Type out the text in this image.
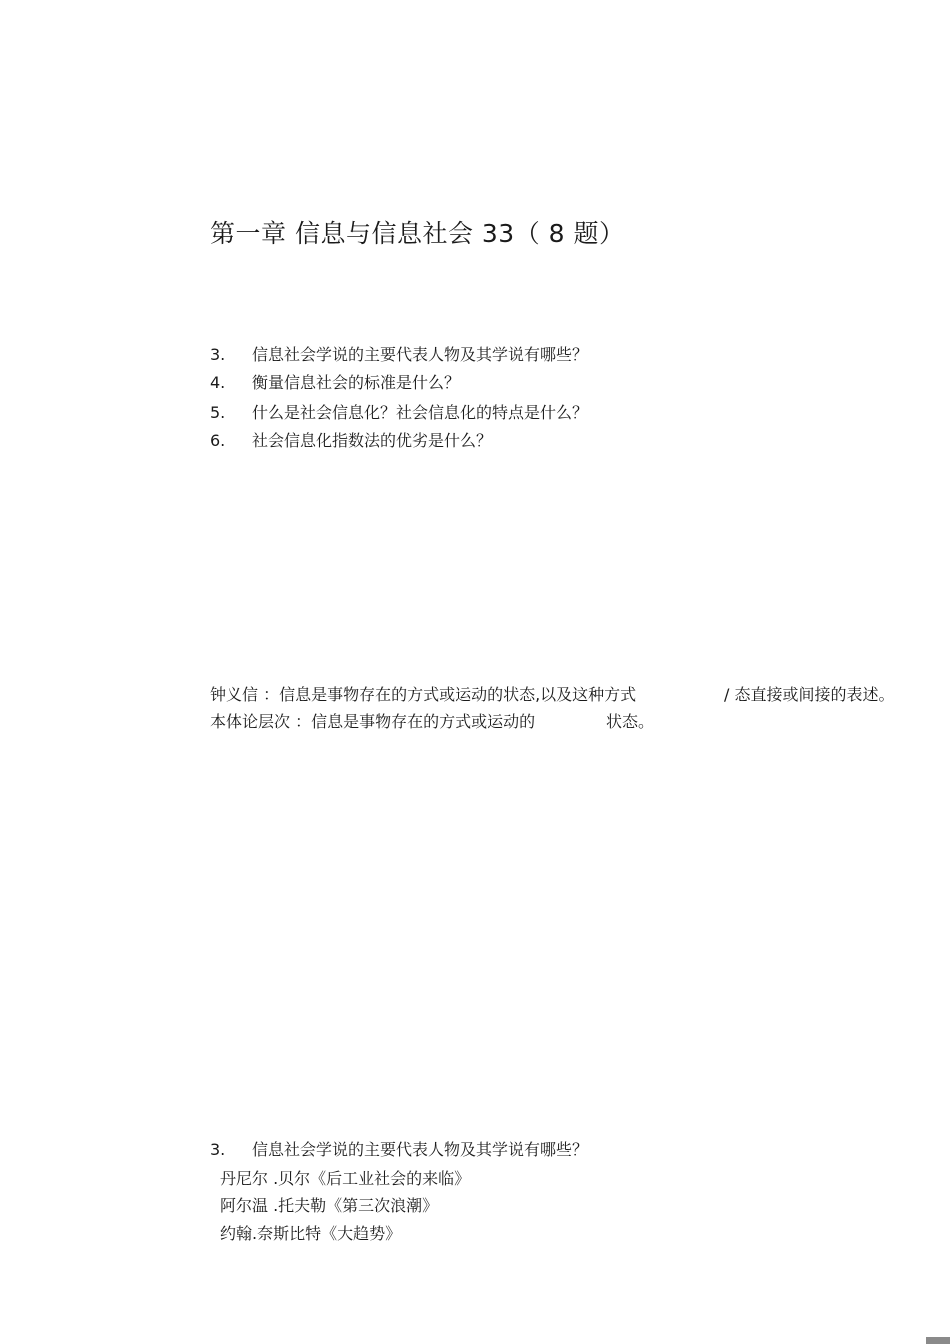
第一章 信息与信息社会 33（ 8 题）
3. 信息社会学说的主要代表人物及其学说有哪些？
4. 衡量信息社会的标准是什么？
5. 什么是社会信息化？社会信息化的特点是什么？
6. 社会信息化指数法的优劣是什么？
钟义信 ：信息是事物存在的方式或运动的状态,以及这种方式	/ 态直接或间接的表述。
本体论层次 ：信息是事物存在的方式或运动的	状态。
3. 信息社会学说的主要代表人物及其学说有哪些？
丹尼尔 .贝尔《后工业社会的来临》
阿尔温 .托夫勒《第三次浪潮》
约翰.奈斯比特《大趋势》
